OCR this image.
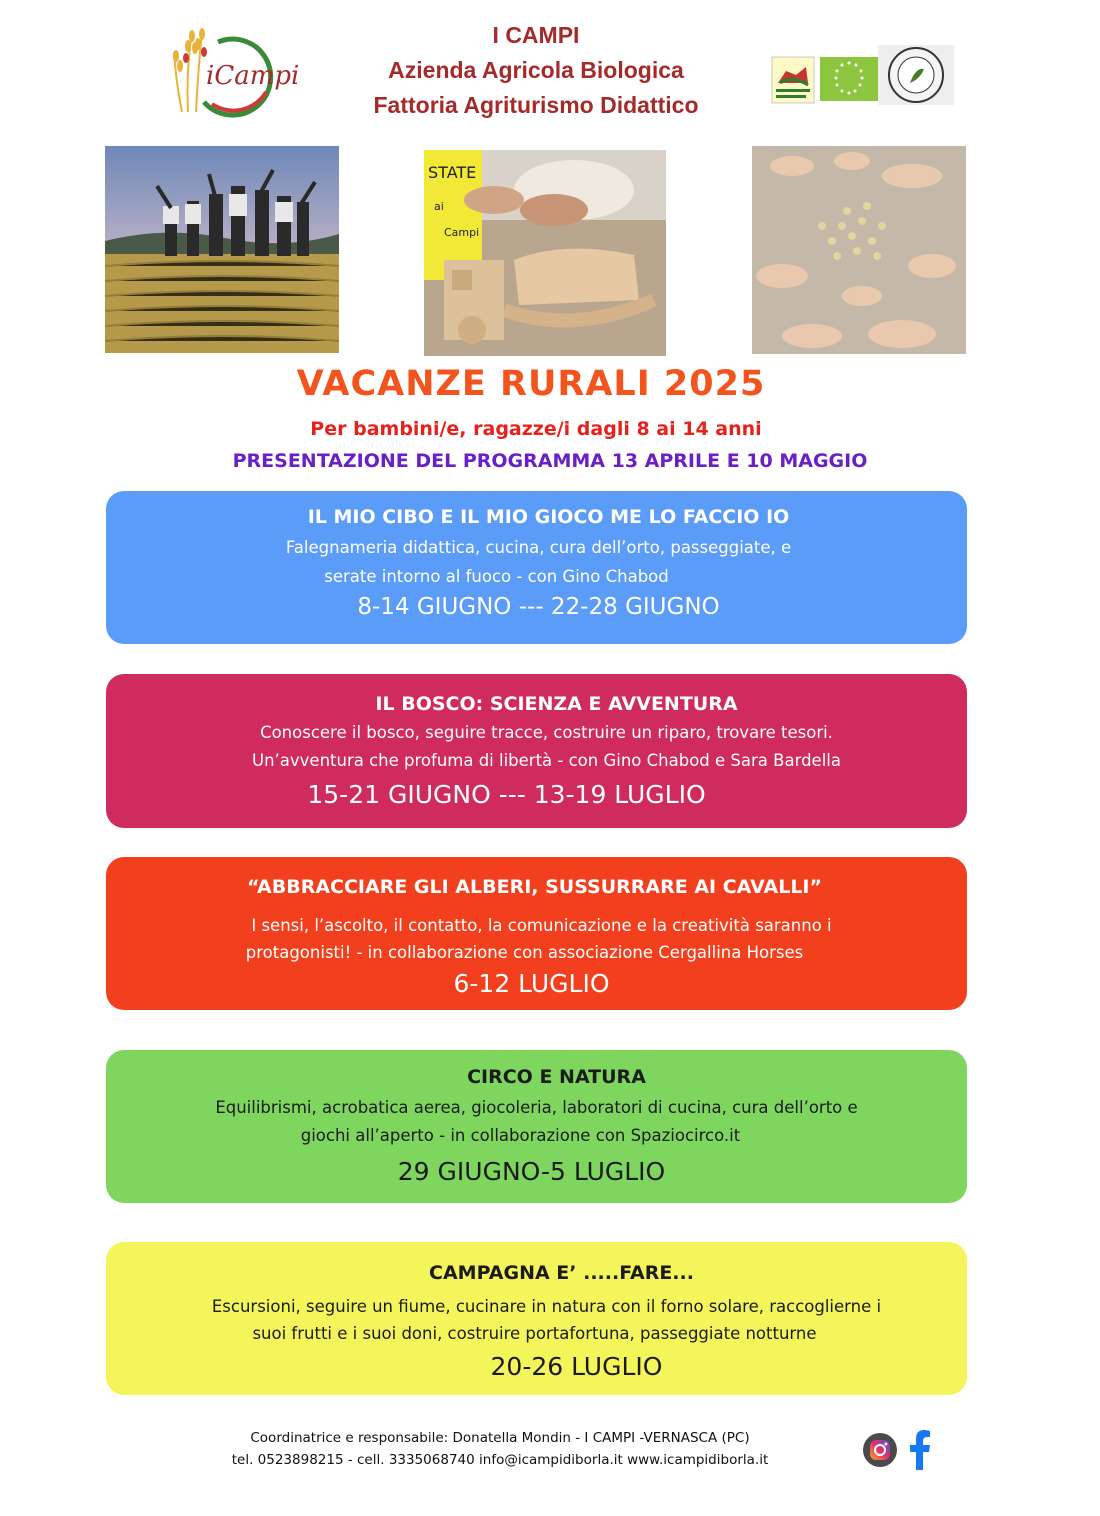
iCampi
I CAMPI
Azienda Agricola Biologica
Fattoria Agriturismo Didattico
STATE
ai
Campi
VACANZE RURALI 2025
Per bambini/e, ragazze/i dagli 8 ai 14 anni
PRESENTAZIONE DEL PROGRAMMA 13 APRILE E 10 MAGGIO
IL MIO CIBO E IL MIO GIOCO ME LO FACCIO IO
Falegnameria didattica, cucina, cura dell’orto, passeggiate, e
serate intorno al fuoco - con Gino Chabod
8-14 GIUGNO --- 22-28 GIUGNO
IL BOSCO: SCIENZA E AVVENTURA
Conoscere il bosco, seguire tracce, costruire un riparo, trovare tesori.
Un’avventura che profuma di libertà - con Gino Chabod e Sara Bardella
15-21 GIUGNO --- 13-19 LUGLIO
“ABBRACCIARE GLI ALBERI, SUSSURRARE AI CAVALLI”
I sensi, l’ascolto, il contatto, la comunicazione e la creatività saranno i
protagonisti! - in collaborazione con associazione Cergallina Horses
6-12 LUGLIO
CIRCO E NATURA
Equilibrismi, acrobatica aerea, giocoleria, laboratori di cucina, cura dell’orto e
giochi all’aperto - in collaborazione con Spaziocirco.it
29 GIUGNO-5 LUGLIO
CAMPAGNA E’ .....FARE...
Escursioni, seguire un fiume, cucinare in natura con il forno solare, raccoglierne i
suoi frutti e i suoi doni, costruire portafortuna, passeggiate notturne
20-26 LUGLIO
Coordinatrice e responsabile: Donatella Mondin - I CAMPI -VERNASCA (PC)
tel. 0523898215 - cell. 3335068740 info@icampidiborla.it www.icampidiborla.it
